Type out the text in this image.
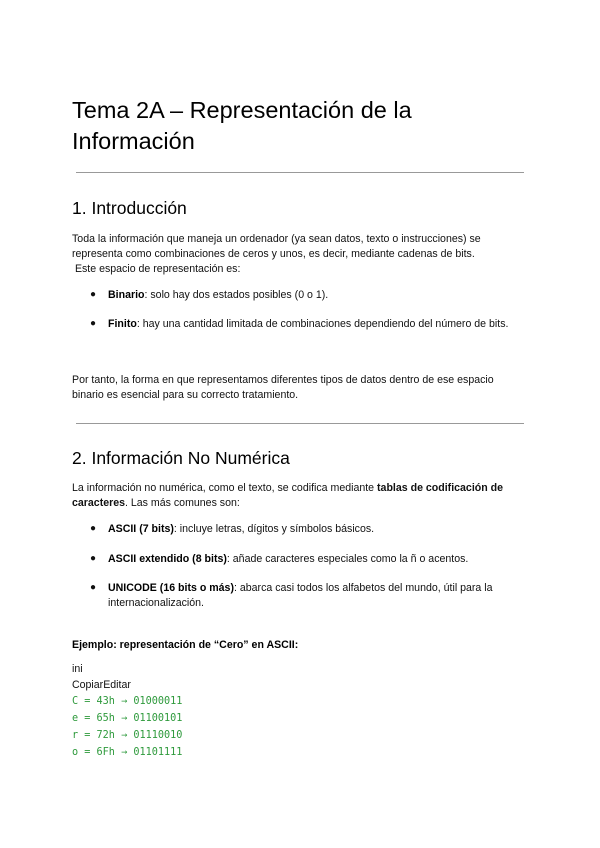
Tema 2A – Representación de la
Información
1. Introducción

Toda la información que maneja un ordenador (ya sean datos, texto o instrucciones) se
representa como combinaciones de ceros y unos, es decir, mediante cadenas de bits.
Este espacio de representación es:

● Binario: solo hay dos estados posibles (0 o 1).
● Finito: hay una cantidad limitada de combinaciones dependiendo del número de bits.

Por tanto, la forma en que representamos diferentes tipos de datos dentro de ese espacio
binario es esencial para su correcto tratamiento.

2. Información No Numérica

La información no numérica, como el texto, se codifica mediante tablas de codificación de caracteres. Las más comunes son:

● ASCII (7 bits): incluye letras, dígitos y símbolos básicos.
● ASCII extendido (8 bits): añade caracteres especiales como la ñ o acentos.
● UNICODE (16 bits o más): abarca casi todos los alfabetos del mundo, útil para la internacionalización.

Ejemplo: representación de “Cero” en ASCII:

ini

CopiarEditar

C = 43h → 01000011

e = 65h → 01100101

r = 72h → 01110010

o = 6Fh → 01101111
